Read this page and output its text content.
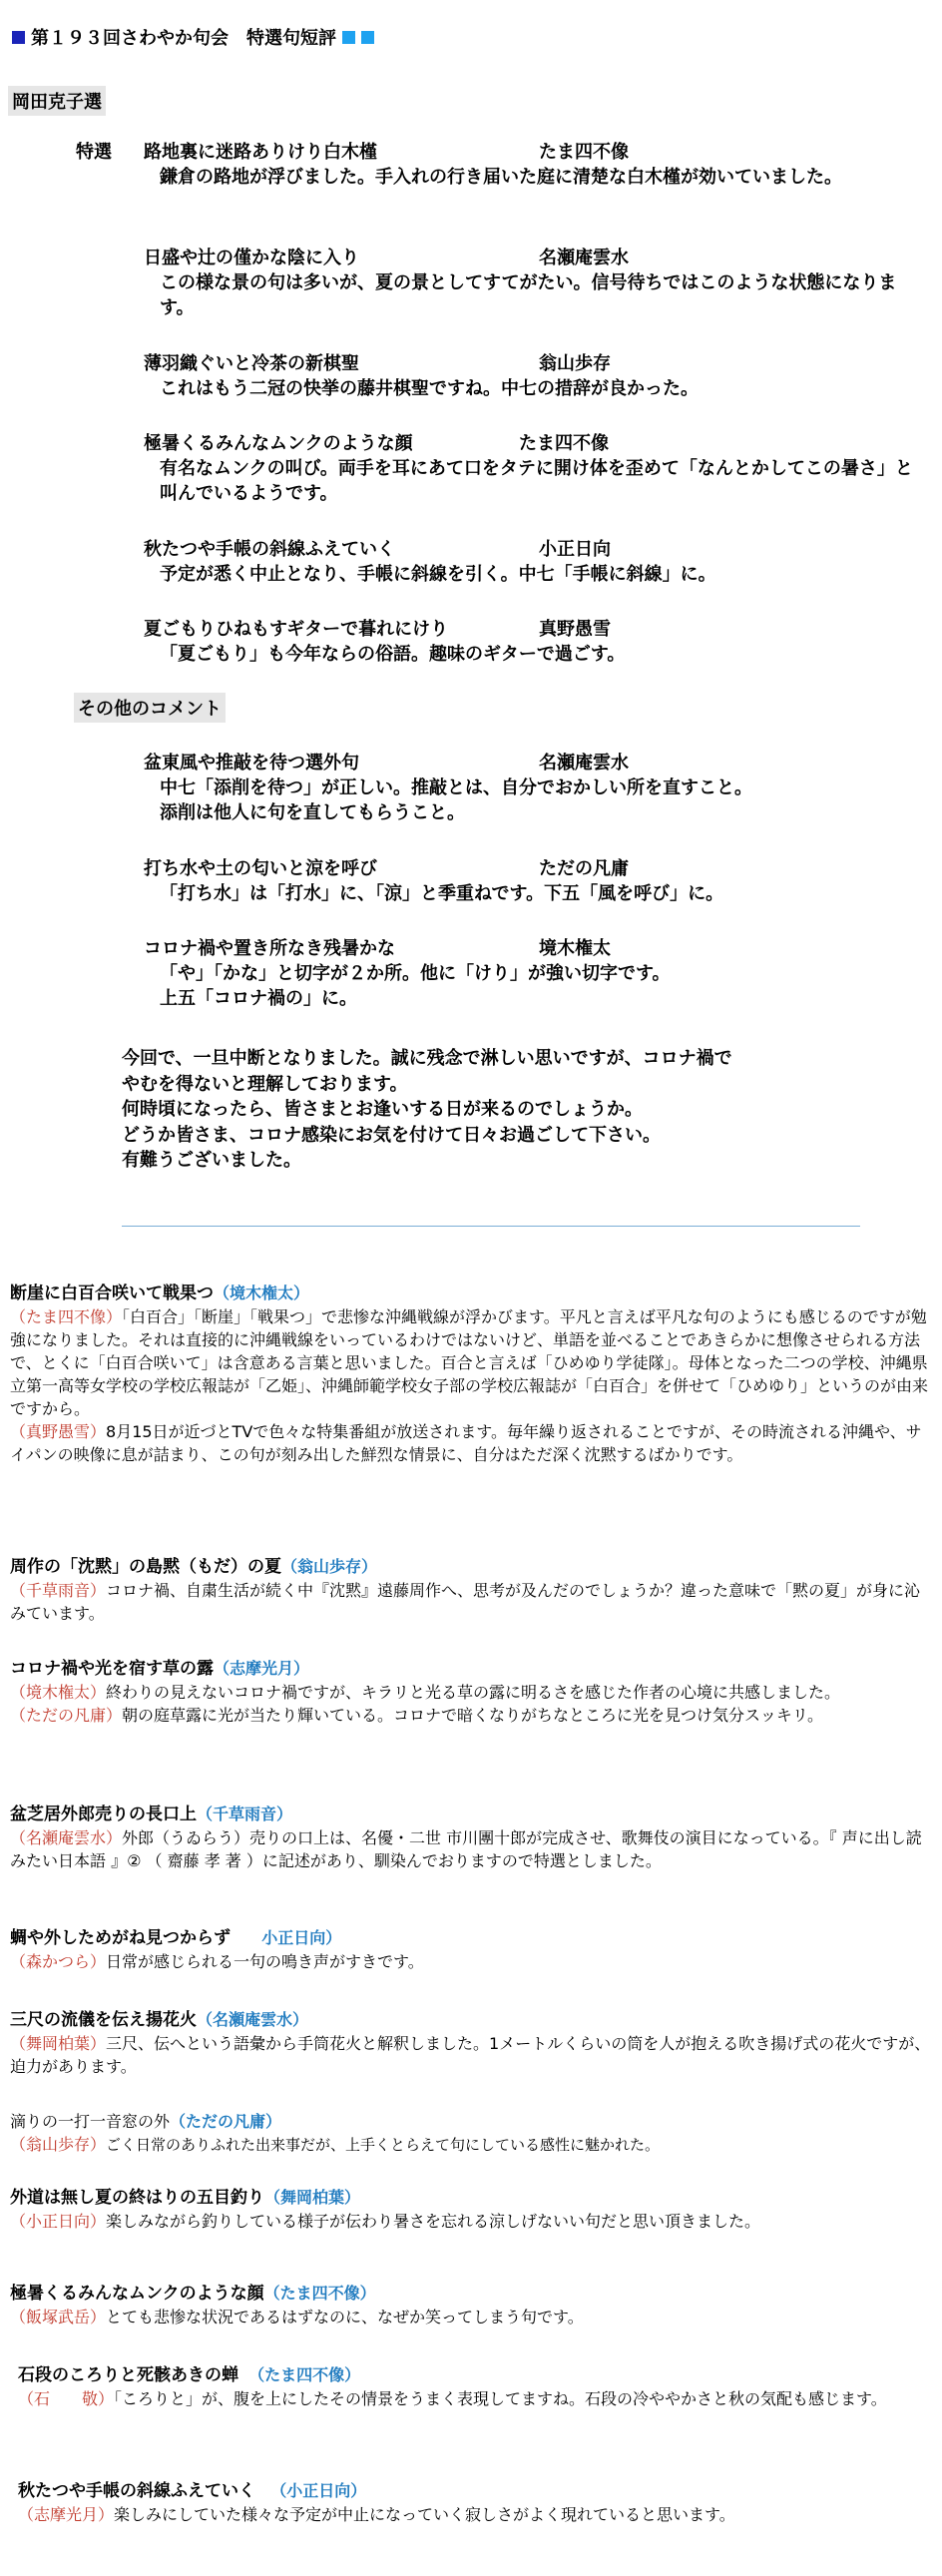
第１９３回さわやか句会　特選句短評
岡田克子選
特選 路地裏に迷路ありけり白木槿	たま四不像
鎌倉の路地が浮びました。手入れの行き届いた庭に清楚な白木槿が効いていました。
日盛や辻の僅かな陰に入り	名瀬庵雲水
この様な景の句は多いが、夏の景としてすてがたい。信号待ちではこのような状態になります。
薄羽織ぐいと冷茶の新棋聖	翁山歩存
これはもう二冠の快挙の藤井棋聖ですね。中七の措辞が良かった。
極暑くるみんなムンクのような顔	たま四不像
有名なムンクの叫び。両手を耳にあて口をタテに開け体を歪めて「なんとかしてこの暑さ」と叫んでいるようです。
秋たつや手帳の斜線ふえていく	小正日向
予定が悉く中止となり、手帳に斜線を引く。中七「手帳に斜線」に。
夏ごもりひねもすギターで暮れにけり	真野愚雪
「夏ごもり」も今年ならの俗語。趣味のギターで過ごす。
その他のコメント
盆東風や推敲を待つ選外句	名瀬庵雲水
中七「添削を待つ」が正しい。推敲とは、自分でおかしい所を直すこと。
添削は他人に句を直してもらうこと。
打ち水や土の匂いと涼を呼び	ただの凡庸
「打ち水」は「打水」に、「涼」と季重ねです。下五「風を呼び」に。
コロナ禍や置き所なき残暑かな	境木権太
「や」「かな」と切字が２か所。他に「けり」が強い切字です。
上五「コロナ禍の」に。
今回で、一旦中断となりました。誠に残念で淋しい思いですが、コロナ禍で
やむを得ないと理解しております。
何時頃になったら、皆さまとお逢いする日が来るのでしょうか。
どうか皆さま、コロナ感染にお気を付けて日々お過ごして下さい。
有難うございました。

断崖に白百合咲いて戦果つ（境木権太）

（たま四不像）「白百合」「断崖」「戦果つ」で悲惨な沖縄戦線が浮かびます。平凡と言えば平凡な句のようにも感じるのですが勉強になりました。それは直接的に沖縄戦線をいっているわけではないけど、単語を並べることであきらかに想像させられる方法で、とくに「白百合咲いて」は含意ある言葉と思いました。百合と言えば「ひめゆり学徒隊」。母体となった二つの学校、沖縄県立第一高等女学校の学校広報誌が「乙姫」、沖縄師範学校女子部の学校広報誌が「白百合」を併せて「ひめゆり」というのが由来ですから。

（真野愚雪）8月15日が近づとTVで色々な特集番組が放送されます。毎年繰り返されることですが、その時流される沖縄や、サイパンの映像に息が詰まり、この句が刻み出した鮮烈な情景に、自分はただ深く沈黙するばかりです。

周作の「沈黙」の島黙（もだ）の夏（翁山歩存）

（千草雨音）コロナ禍、自粛生活が続く中『沈黙』遠藤周作へ、思考が及んだのでしょうか？違った意味で「黙の夏」が身に沁みています。

コロナ禍や光を宿す草の露（志摩光月）

（境木権太）終わりの見えないコロナ禍ですが、キラリと光る草の露に明るさを感じた作者の心境に共感しました。

（ただの凡庸）朝の庭草露に光が当たり輝いている。コロナで暗くなりがちなところに光を見つけ気分スッキリ。

盆芝居外郎売りの長口上（千草雨音）

（名瀬庵雲水）外郎（うゐらう）売りの口上は、名優・二世 市川團十郎が完成させ、歌舞伎の演目になっている。『 声に出し読みたい日本語 』② （ 齋藤 孝 著 ）に記述があり、馴染んでおりますので特選としました。

蜩や外しためがね見つからず   　小正日向）

（森かつら）日常が感じられる一句の鳴き声がすきです。

三尺の流儀を伝え揚花火（名瀬庵雲水）

（舞岡柏葉）三尺、伝へという語彙から手筒花火と解釈しました。1メートルくらいの筒を人が抱える吹き揚げ式の花火ですが、迫力があります。

滴りの一打一音窓の外（ただの凡庸）

（翁山歩存）ごく日常のありふれた出来事だが、上手くとらえて句にしている感性に魅かれた。

外道は無し夏の終はりの五目釣り（舞岡柏葉）

（小正日向）楽しみながら釣りしている様子が伝わり暑さを忘れる涼しげないい句だと思い頂きました。

極暑くるみんなムンクのような顔（たま四不像）

（飯塚武岳）とても悲惨な状況であるはずなのに、なぜか笑ってしまう句です。

石段のころりと死骸あきの蝉 （たま四不像）

（石　　敬）「ころりと」が、腹を上にしたその情景をうまく表現してますね。石段の冷ややかさと秋の気配も感じます。

秋たつや手帳の斜線ふえていく （小正日向）

（志摩光月）楽しみにしていた様々な予定が中止になっていく寂しさがよく現れていると思います。
